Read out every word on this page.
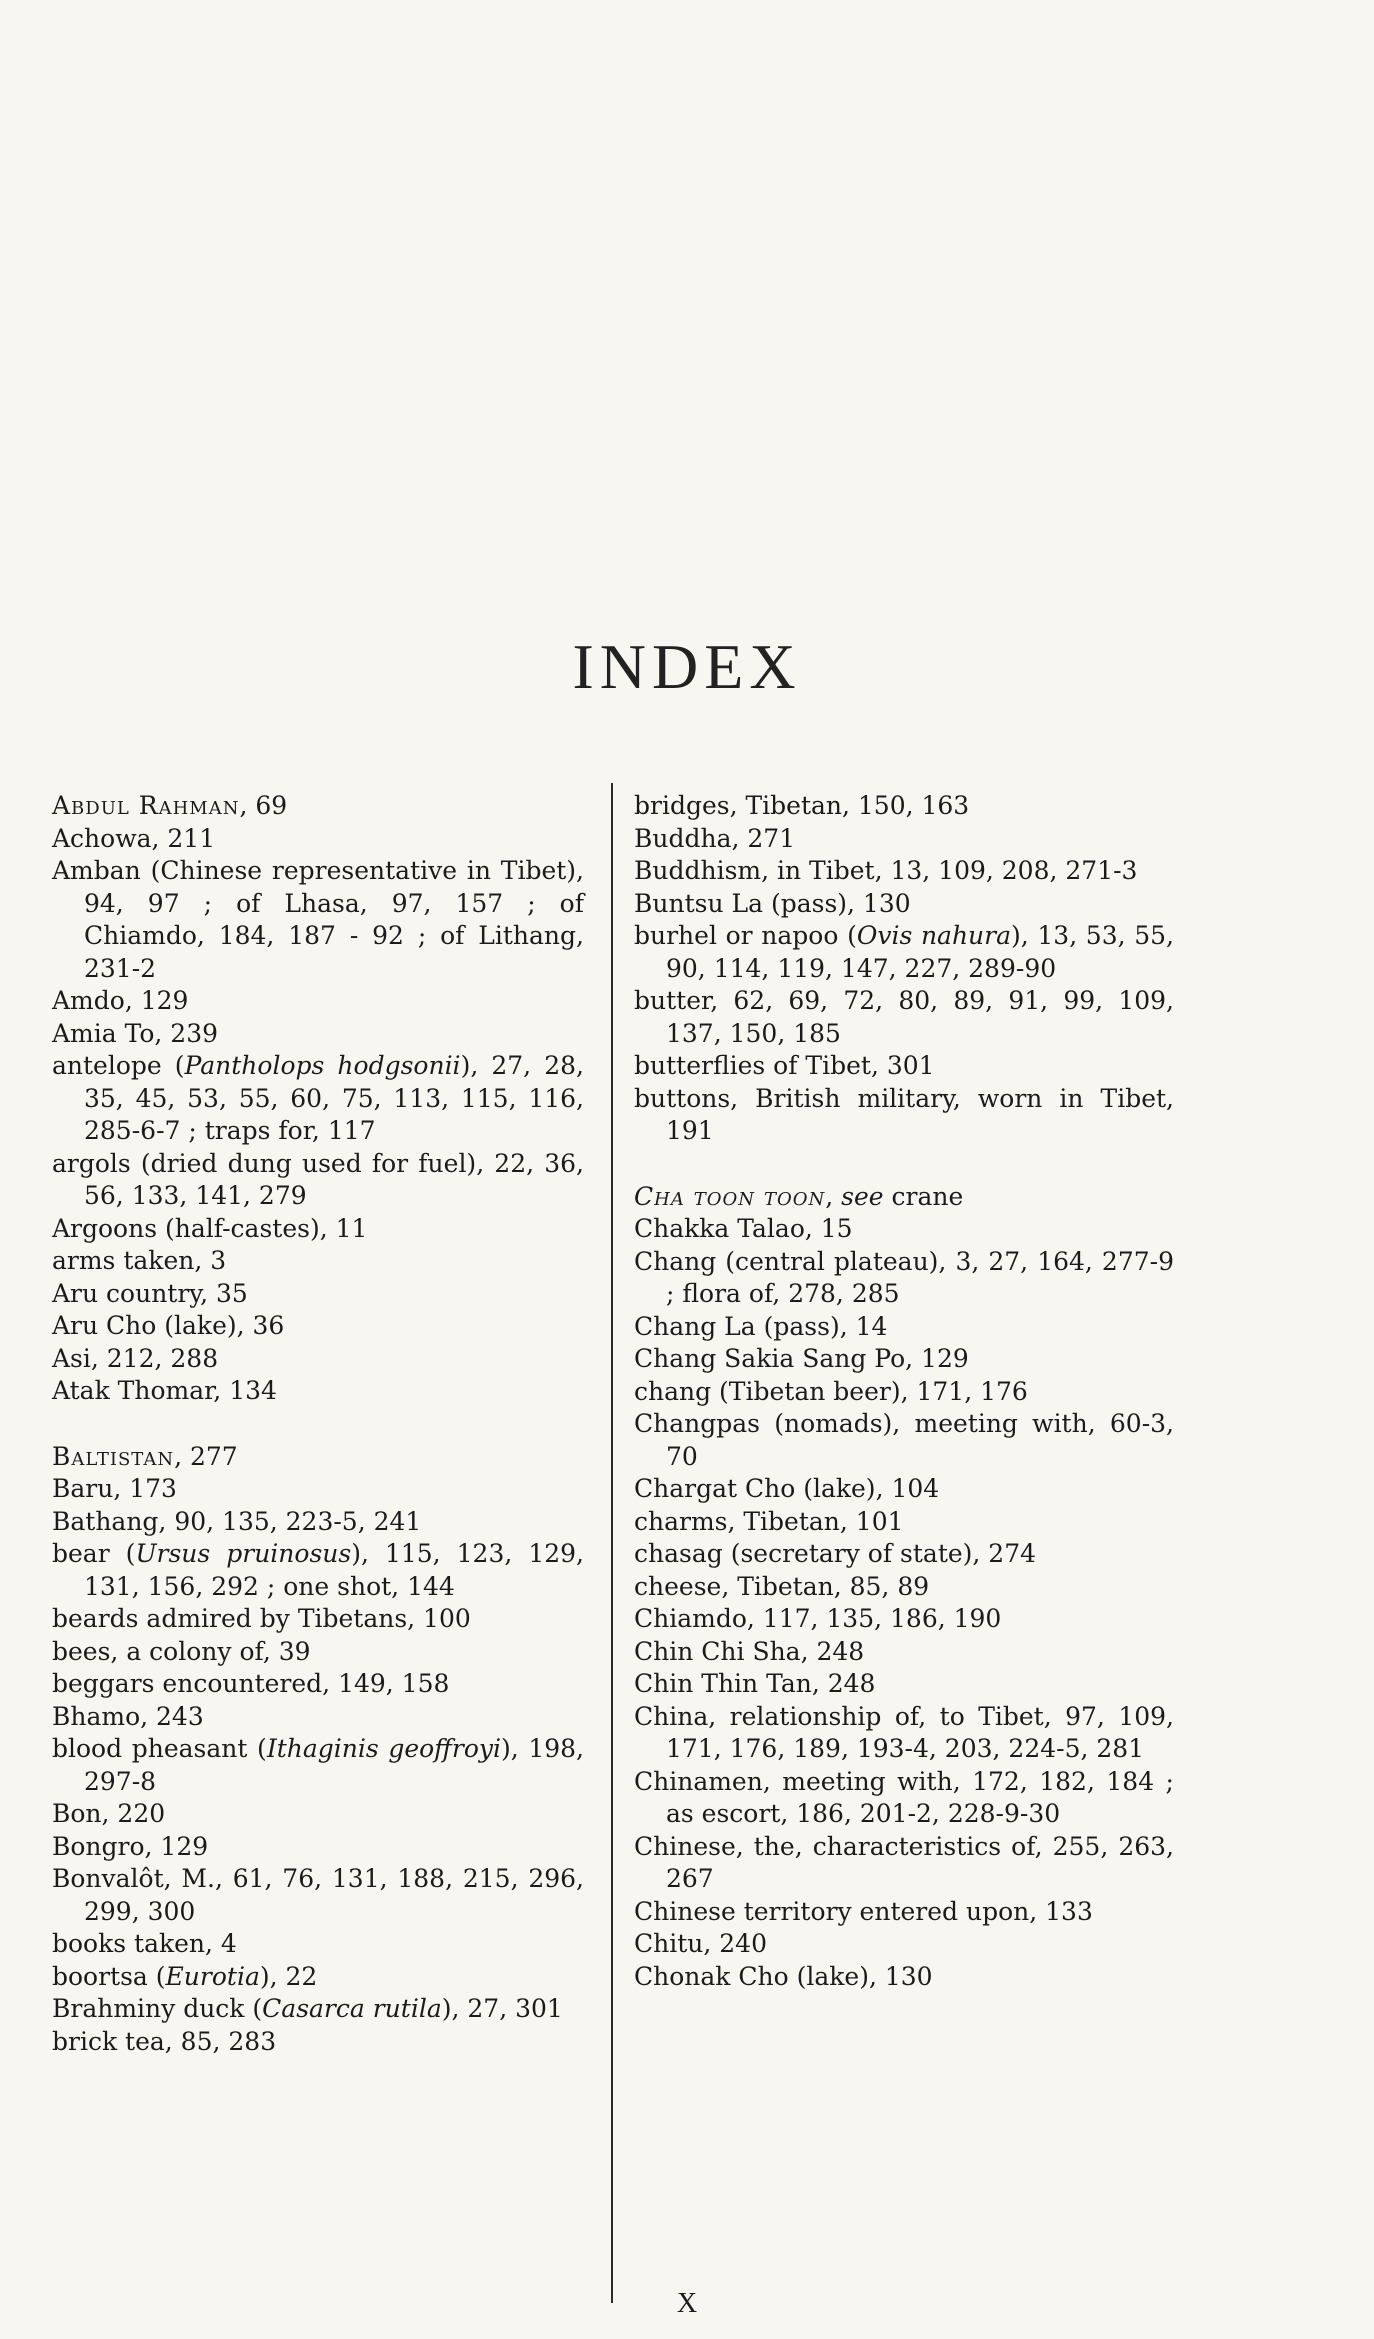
INDEX
Abdul Rahman, 69
Achowa, 211
Amban (Chinese representative in Tibet), 94, 97 ; of Lhasa, 97, 157 ; of Chiamdo, 184, 187 - 92 ; of Lithang, 231-2
Amdo, 129
Amia To, 239
antelope (Pantholops hodgsonii), 27, 28, 35, 45, 53, 55, 60, 75, 113, 115, 116, 285-6-7 ; traps for, 117
argols (dried dung used for fuel), 22, 36, 56, 133, 141, 279
Argoons (half-castes), 11
arms taken, 3
Aru country, 35
Aru Cho (lake), 36
Asi, 212, 288
Atak Thomar, 134
Baltistan, 277
Baru, 173
Bathang, 90, 135, 223-5, 241
bear (Ursus pruinosus), 115, 123, 129, 131, 156, 292 ; one shot, 144
beards admired by Tibetans, 100
bees, a colony of, 39
beggars encountered, 149, 158
Bhamo, 243
blood pheasant (Ithaginis geoffroyi), 198, 297-8
Bon, 220
Bongro, 129
Bonvalôt, M., 61, 76, 131, 188, 215, 296, 299, 300
books taken, 4
boortsa (Eurotia), 22
Brahminy duck (Casarca rutila), 27, 301
brick tea, 85, 283
bridges, Tibetan, 150, 163
Buddha, 271
Buddhism, in Tibet, 13, 109, 208, 271-3
Buntsu La (pass), 130
burhel or napoo (Ovis nahura), 13, 53, 55, 90, 114, 119, 147, 227, 289-90
butter, 62, 69, 72, 80, 89, 91, 99, 109, 137, 150, 185
butterflies of Tibet, 301
buttons, British military, worn in Tibet, 191
Cha toon toon, see crane
Chakka Talao, 15
Chang (central plateau), 3, 27, 164, 277-9 ; flora of, 278, 285
Chang La (pass), 14
Chang Sakia Sang Po, 129
chang (Tibetan beer), 171, 176
Changpas (nomads), meeting with, 60-3, 70
Chargat Cho (lake), 104
charms, Tibetan, 101
chasag (secretary of state), 274
cheese, Tibetan, 85, 89
Chiamdo, 117, 135, 186, 190
Chin Chi Sha, 248
Chin Thin Tan, 248
China, relationship of, to Tibet, 97, 109, 171, 176, 189, 193-4, 203, 224-5, 281
Chinamen, meeting with, 172, 182, 184 ; as escort, 186, 201-2, 228-9-30
Chinese, the, characteristics of, 255, 263, 267
Chinese territory entered upon, 133
Chitu, 240
Chonak Cho (lake), 130
X
